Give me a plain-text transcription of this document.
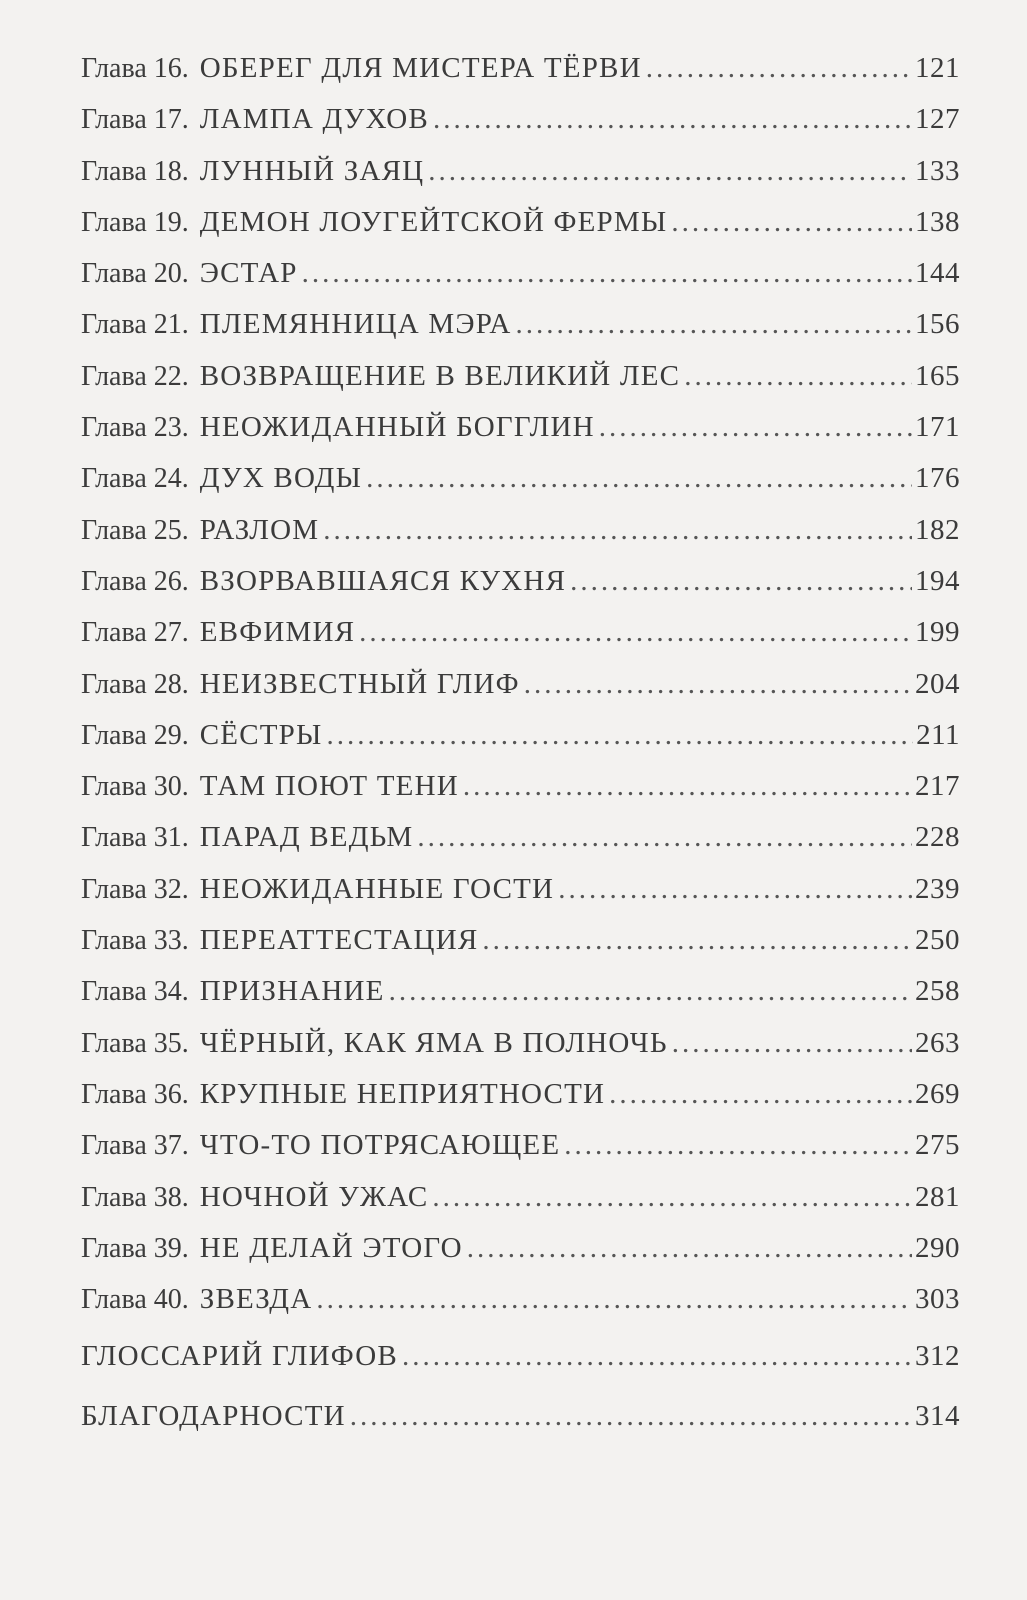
Глава 16. ОБЕРЕГ ДЛЯ МИСТЕРА ТЁРВИ .....	121
Глава 17. ЛАМПА ДУХОВ .....	127
Глава 18. ЛУННЫЙ ЗАЯЦ .....	133
Глава 19. ДЕМОН ЛОУГЕЙТСКОЙ ФЕРМЫ .....	138
Глава 20. ЭСТАР .....	144
Глава 21. ПЛЕМЯННИЦА МЭРА .....	156
Глава 22. ВОЗВРАЩЕНИЕ В ВЕЛИКИЙ ЛЕС .....	165
Глава 23. НЕОЖИДАННЫЙ БОГГЛИН .....	171
Глава 24. ДУХ ВОДЫ .....	176
Глава 25. РАЗЛОМ .....	182
Глава 26. ВЗОРВАВШАЯСЯ КУХНЯ .....	194
Глава 27. ЕВФИМИЯ .....	199
Глава 28. НЕИЗВЕСТНЫЙ ГЛИФ .....	204
Глава 29. СЁСТРЫ .....	211
Глава 30. ТАМ ПОЮТ ТЕНИ .....	217
Глава 31. ПАРАД ВЕДЬМ .....	228
Глава 32. НЕОЖИДАННЫЕ ГОСТИ .....	239
Глава 33. ПЕРЕАТТЕСТАЦИЯ .....	250
Глава 34. ПРИЗНАНИЕ .....	258
Глава 35. ЧЁРНЫЙ, КАК ЯМА В ПОЛНОЧЬ .....	263
Глава 36. КРУПНЫЕ НЕПРИЯТНОСТИ .....	269
Глава 37. ЧТО-ТО ПОТРЯСАЮЩЕЕ .....	275
Глава 38. НОЧНОЙ УЖАС .....	281
Глава 39. НЕ ДЕЛАЙ ЭТОГО .....	290
Глава 40. ЗВЕЗДА .....	303
ГЛОССАРИЙ ГЛИФОВ .....	312
БЛАГОДАРНОСТИ .....	314
